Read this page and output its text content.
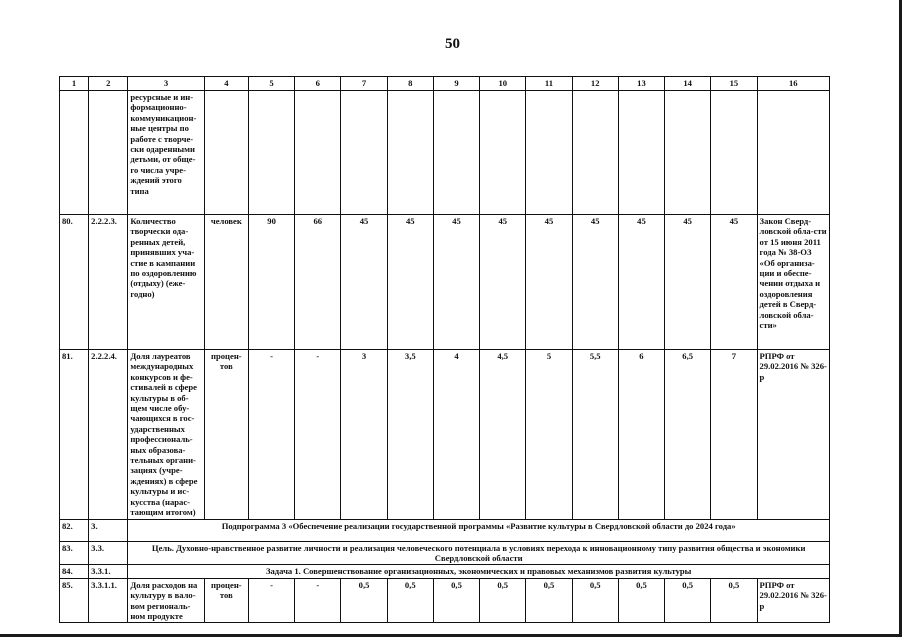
50
1	2	3	4	5	6	7	8	9	10	11	12	13	14	15	16
		ресурсные и ин-формационно-коммуникацион-ные центры по работе с творче-ски одаренными детьми, от обще-го числа учре-ждений этого типа													
80.	2.2.2.3.	Количество творчески ода-ренных детей, принявших уча-стие в кампании по оздоровлению (отдыху) (еже-годно)	человек	90	66	45	45	45	45	45	45	45	45	45	Закон Сверд-ловской обла-сти от 15 июня 2011 года № 38-ОЗ «Об организа-ции и обеспе-чении отдыха и оздоровления детей в Сверд-ловской обла-сти»
81.	2.2.2.4.	Доля лауреатов международных конкурсов и фе-стивалей в сфере культуры в об-щем числе обу-чающихся в гос-ударственных профессиональ-ных образова-тельных органи-зациях (учре-ждениях) в сфере культуры и ис-кусства (нарас-тающим итогом)	процен-тов	-	-	3	3,5	4	4,5	5	5,5	6	6,5	7	РПРФ от 29.02.2016 № 326-р
82.	3.	Подпрограмма 3 «Обеспечение реализации государственной программы «Развитие культуры в Свердловской области до 2024 года»													
83.	3.3.	Цель. Духовно-нравственное развитие личности и реализация человеческого потенциала в условиях перехода к инновационному типу развития общества и экономики Свердловской области													
84.	3.3.1.	Задача 1. Совершенствование организационных, экономических и правовых механизмов развития культуры													
85.	3.3.1.1.	Доля расходов на культуру в вало-вом региональ-ном продукте	процен-тов	-	-	0,5	0,5	0,5	0,5	0,5	0,5	0,5	0,5	0,5	РПРФ от 29.02.2016 № 326-р
